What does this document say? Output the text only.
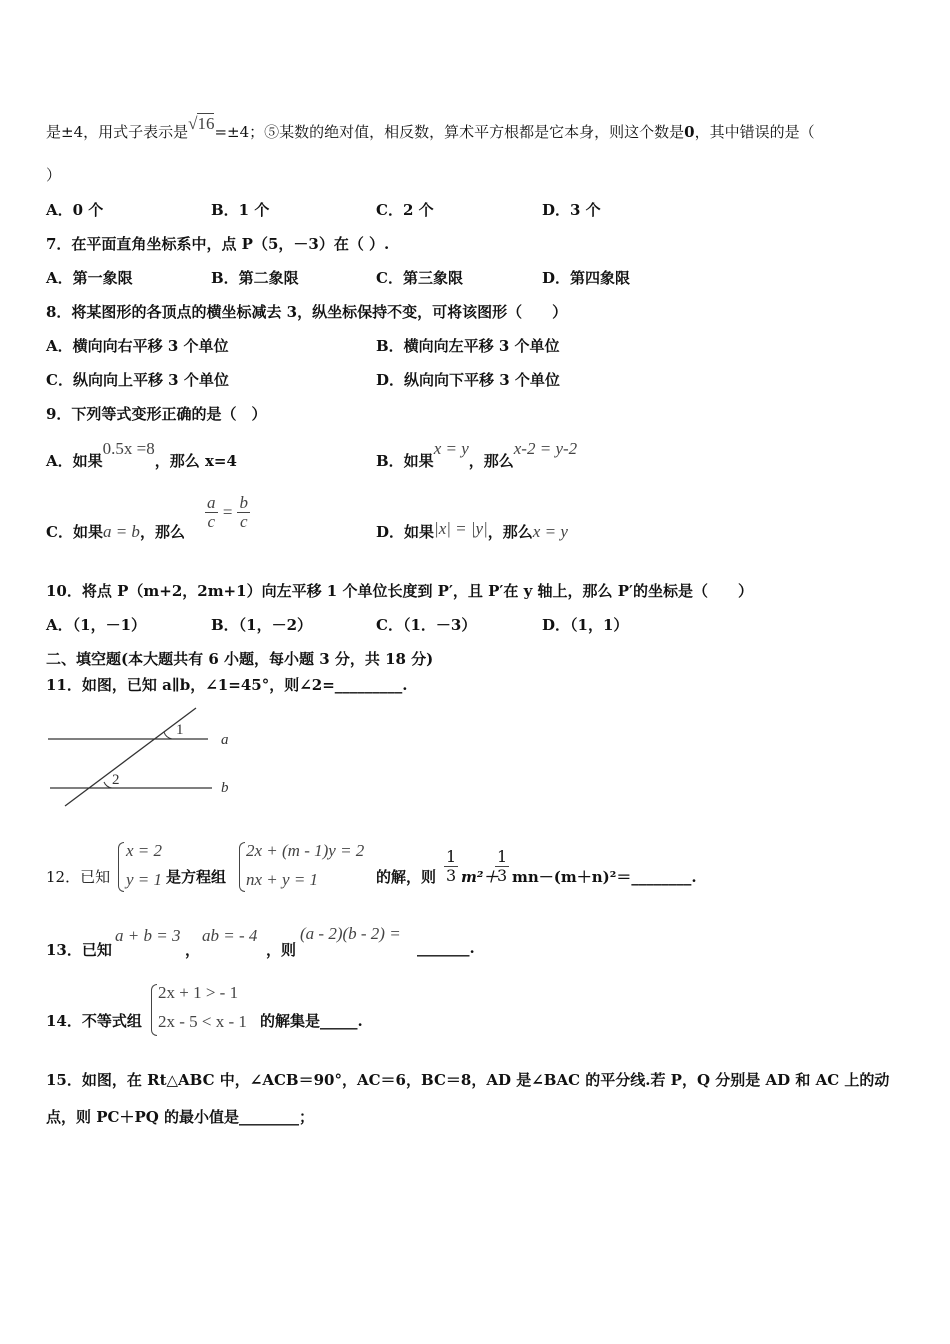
是±4，用式子表示是√16=±4；⑤某数的绝对值，相反数，算术平方根都是它本身，则这个数是0，其中错误的是（
）
A．0 个	B．1 个	C．2 个	D．3 个
7．在平面直角坐标系中，点 P（5，－3）在（ ）.
A．第一象限	B．第二象限	C．第三象限	D．第四象限
8．将某图形的各顶点的横坐标减去 3，纵坐标保持不变，可将该图形（　　）
A．横向向右平移 3 个单位	B．横向向左平移 3 个单位
C．纵向向上平移 3 个单位	D．纵向向下平移 3 个单位
9．下列等式变形正确的是（　）
A．如果0.5x =8，那么 x=4	B．如果x = y，那么x-2 = y-2
C．如果a = b，那么
$\frac{a}{c} = \frac{b}{c}$
D．如果|x| = |y|，那么x = y
10．将点 P（m+2，2m+1）向左平移 1 个单位长度到 P′，且 P′在 y 轴上，那么 P′的坐标是（　　）
A．（1，－1）	B．（1，－2）	C．（1．－3）	D．（1，1）
二、填空题(本大题共有 6 小题，每小题 3 分，共 18 分)
11．如图，已知 a∥b，∠1=45°，则∠2=_________.
1
2
a
b
12．已知
x = 2
y = 1 是方程组
2x + (m - 1)y = 2
nx + y = 1	的解，则 $\frac{1}{3} m^2+$
$\frac{1}{3}$ mn－(m＋n)²＝________.
13．已知
a + b = 3
，
ab = - 4
，则
(a - 2)(b - 2) =
_______.
14．不等式组
2x + 1 > - 1
2x - 5 < x - 1 的解集是_____.
15．如图，在 Rt△ABC 中，∠ACB＝90°，AC＝6，BC＝8，AD 是∠BAC 的平分线.若 P，Q 分别是 AD 和 AC 上的动
点，则 PC＋PQ 的最小值是________；
